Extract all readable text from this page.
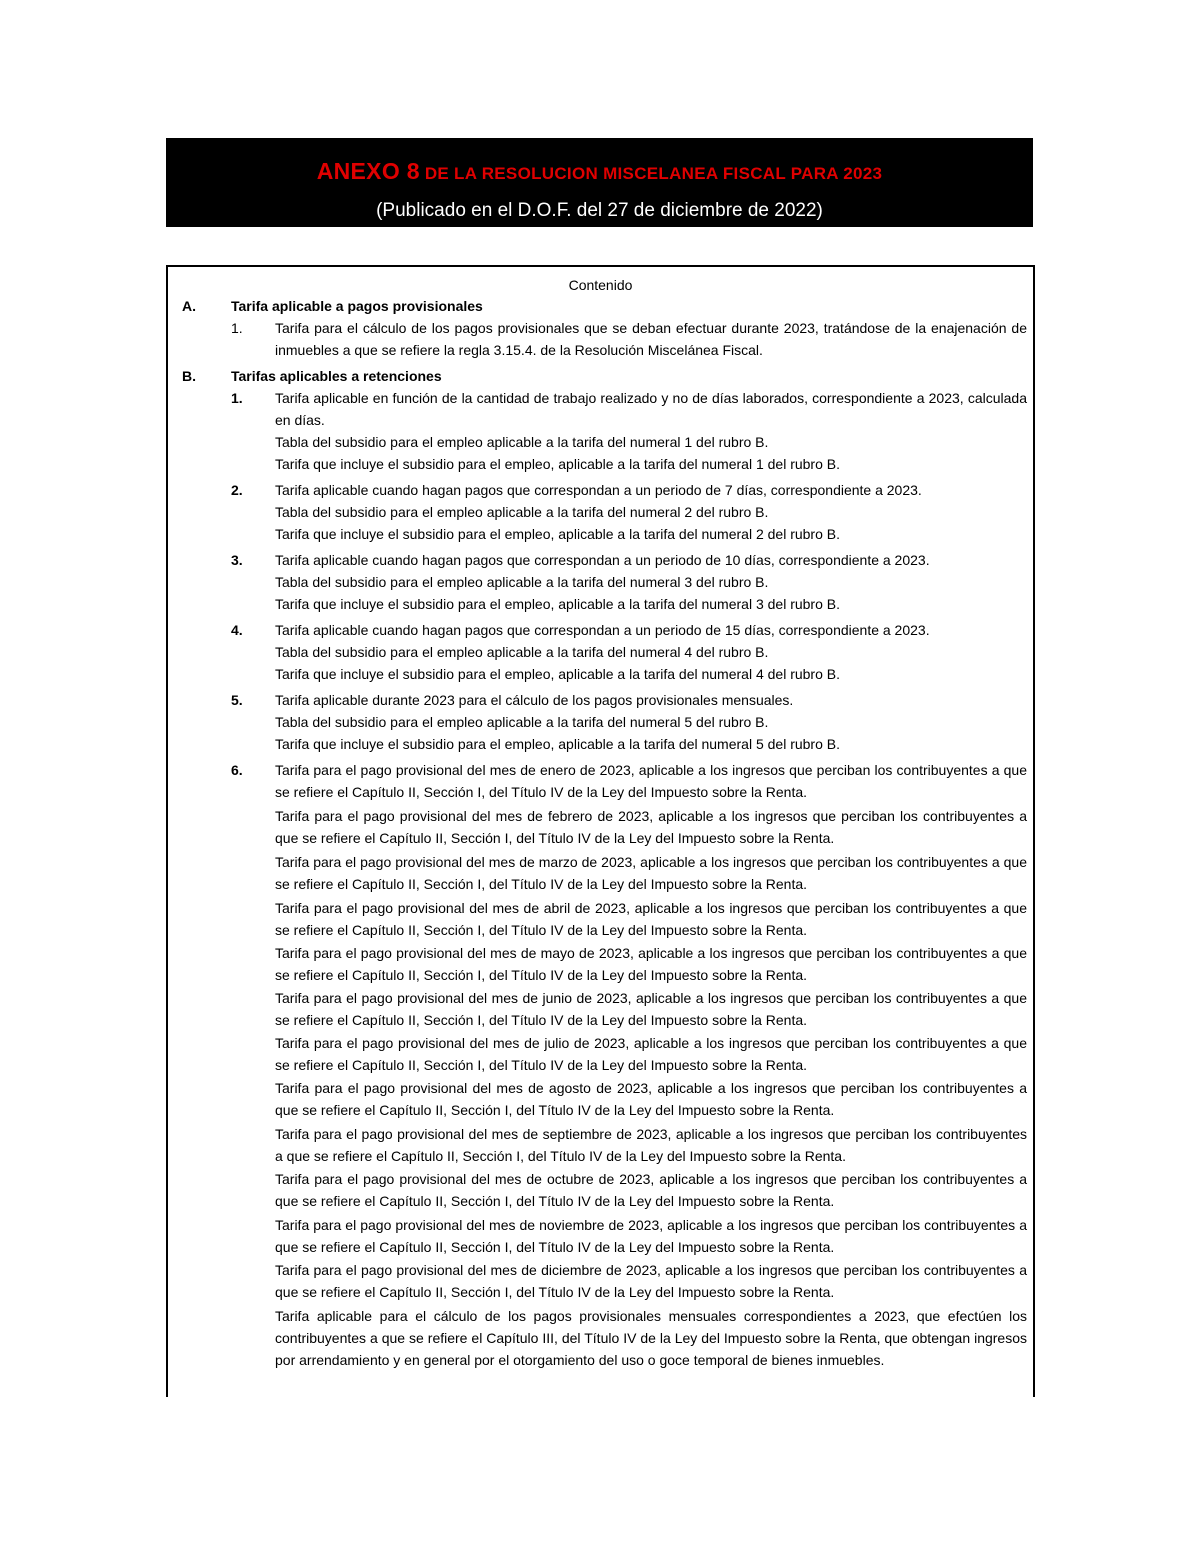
ANEXO 8 DE LA RESOLUCION MISCELANEA FISCAL PARA 2023
(Publicado en el D.O.F. del 27 de diciembre de 2022)
Contenido
A.	Tarifa aplicable a pagos provisionales
1. Tarifa para el cálculo de los pagos provisionales que se deban efectuar durante 2023, tratándose de la enajenación de inmuebles a que se refiere la regla 3.15.4. de la Resolución Miscelánea Fiscal.
B.	Tarifas aplicables a retenciones
1. Tarifa aplicable en función de la cantidad de trabajo realizado y no de días laborados, correspondiente a 2023, calculada en días.
Tabla del subsidio para el empleo aplicable a la tarifa del numeral 1 del rubro B.
Tarifa que incluye el subsidio para el empleo, aplicable a la tarifa del numeral 1 del rubro B.
2. Tarifa aplicable cuando hagan pagos que correspondan a un periodo de 7 días, correspondiente a 2023.
Tabla del subsidio para el empleo aplicable a la tarifa del numeral 2 del rubro B.
Tarifa que incluye el subsidio para el empleo, aplicable a la tarifa del numeral 2 del rubro B.
3. Tarifa aplicable cuando hagan pagos que correspondan a un periodo de 10 días, correspondiente a 2023.
Tabla del subsidio para el empleo aplicable a la tarifa del numeral 3 del rubro B.
Tarifa que incluye el subsidio para el empleo, aplicable a la tarifa del numeral 3 del rubro B.
4. Tarifa aplicable cuando hagan pagos que correspondan a un periodo de 15 días, correspondiente a 2023.
Tabla del subsidio para el empleo aplicable a la tarifa del numeral 4 del rubro B.
Tarifa que incluye el subsidio para el empleo, aplicable a la tarifa del numeral 4 del rubro B.
5. Tarifa aplicable durante 2023 para el cálculo de los pagos provisionales mensuales.
Tabla del subsidio para el empleo aplicable a la tarifa del numeral 5 del rubro B.
Tarifa que incluye el subsidio para el empleo, aplicable a la tarifa del numeral 5 del rubro B.
6. Tarifa para el pago provisional del mes de enero de 2023, aplicable a los ingresos que perciban los contribuyentes a que se refiere el Capítulo II, Sección I, del Título IV de la Ley del Impuesto sobre la Renta.
Tarifa para el pago provisional del mes de febrero de 2023, aplicable a los ingresos que perciban los contribuyentes a que se refiere el Capítulo II, Sección I, del Título IV de la Ley del Impuesto sobre la Renta.
Tarifa para el pago provisional del mes de marzo de 2023, aplicable a los ingresos que perciban los contribuyentes a que se refiere el Capítulo II, Sección I, del Título IV de la Ley del Impuesto sobre la Renta.
Tarifa para el pago provisional del mes de abril de 2023, aplicable a los ingresos que perciban los contribuyentes a que se refiere el Capítulo II, Sección I, del Título IV de la Ley del Impuesto sobre la Renta.
Tarifa para el pago provisional del mes de mayo de 2023, aplicable a los ingresos que perciban los contribuyentes a que se refiere el Capítulo II, Sección I, del Título IV de la Ley del Impuesto sobre la Renta.
Tarifa para el pago provisional del mes de junio de 2023, aplicable a los ingresos que perciban los contribuyentes a que se refiere el Capítulo II, Sección I, del Título IV de la Ley del Impuesto sobre la Renta.
Tarifa para el pago provisional del mes de julio de 2023, aplicable a los ingresos que perciban los contribuyentes a que se refiere el Capítulo II, Sección I, del Título IV de la Ley del Impuesto sobre la Renta.
Tarifa para el pago provisional del mes de agosto de 2023, aplicable a los ingresos que perciban los contribuyentes a que se refiere el Capítulo II, Sección I, del Título IV de la Ley del Impuesto sobre la Renta.
Tarifa para el pago provisional del mes de septiembre de 2023, aplicable a los ingresos que perciban los contribuyentes a que se refiere el Capítulo II, Sección I, del Título IV de la Ley del Impuesto sobre la Renta.
Tarifa para el pago provisional del mes de octubre de 2023, aplicable a los ingresos que perciban los contribuyentes a que se refiere el Capítulo II, Sección I, del Título IV de la Ley del Impuesto sobre la Renta.
Tarifa para el pago provisional del mes de noviembre de 2023, aplicable a los ingresos que perciban los contribuyentes a que se refiere el Capítulo II, Sección I, del Título IV de la Ley del Impuesto sobre la Renta.
Tarifa para el pago provisional del mes de diciembre de 2023, aplicable a los ingresos que perciban los contribuyentes a que se refiere el Capítulo II, Sección I, del Título IV de la Ley del Impuesto sobre la Renta.
Tarifa aplicable para el cálculo de los pagos provisionales mensuales correspondientes a 2023, que efectúen los contribuyentes a que se refiere el Capítulo III, del Título IV de la Ley del Impuesto sobre la Renta, que obtengan ingresos por arrendamiento y en general por el otorgamiento del uso o goce temporal de bienes inmuebles.
